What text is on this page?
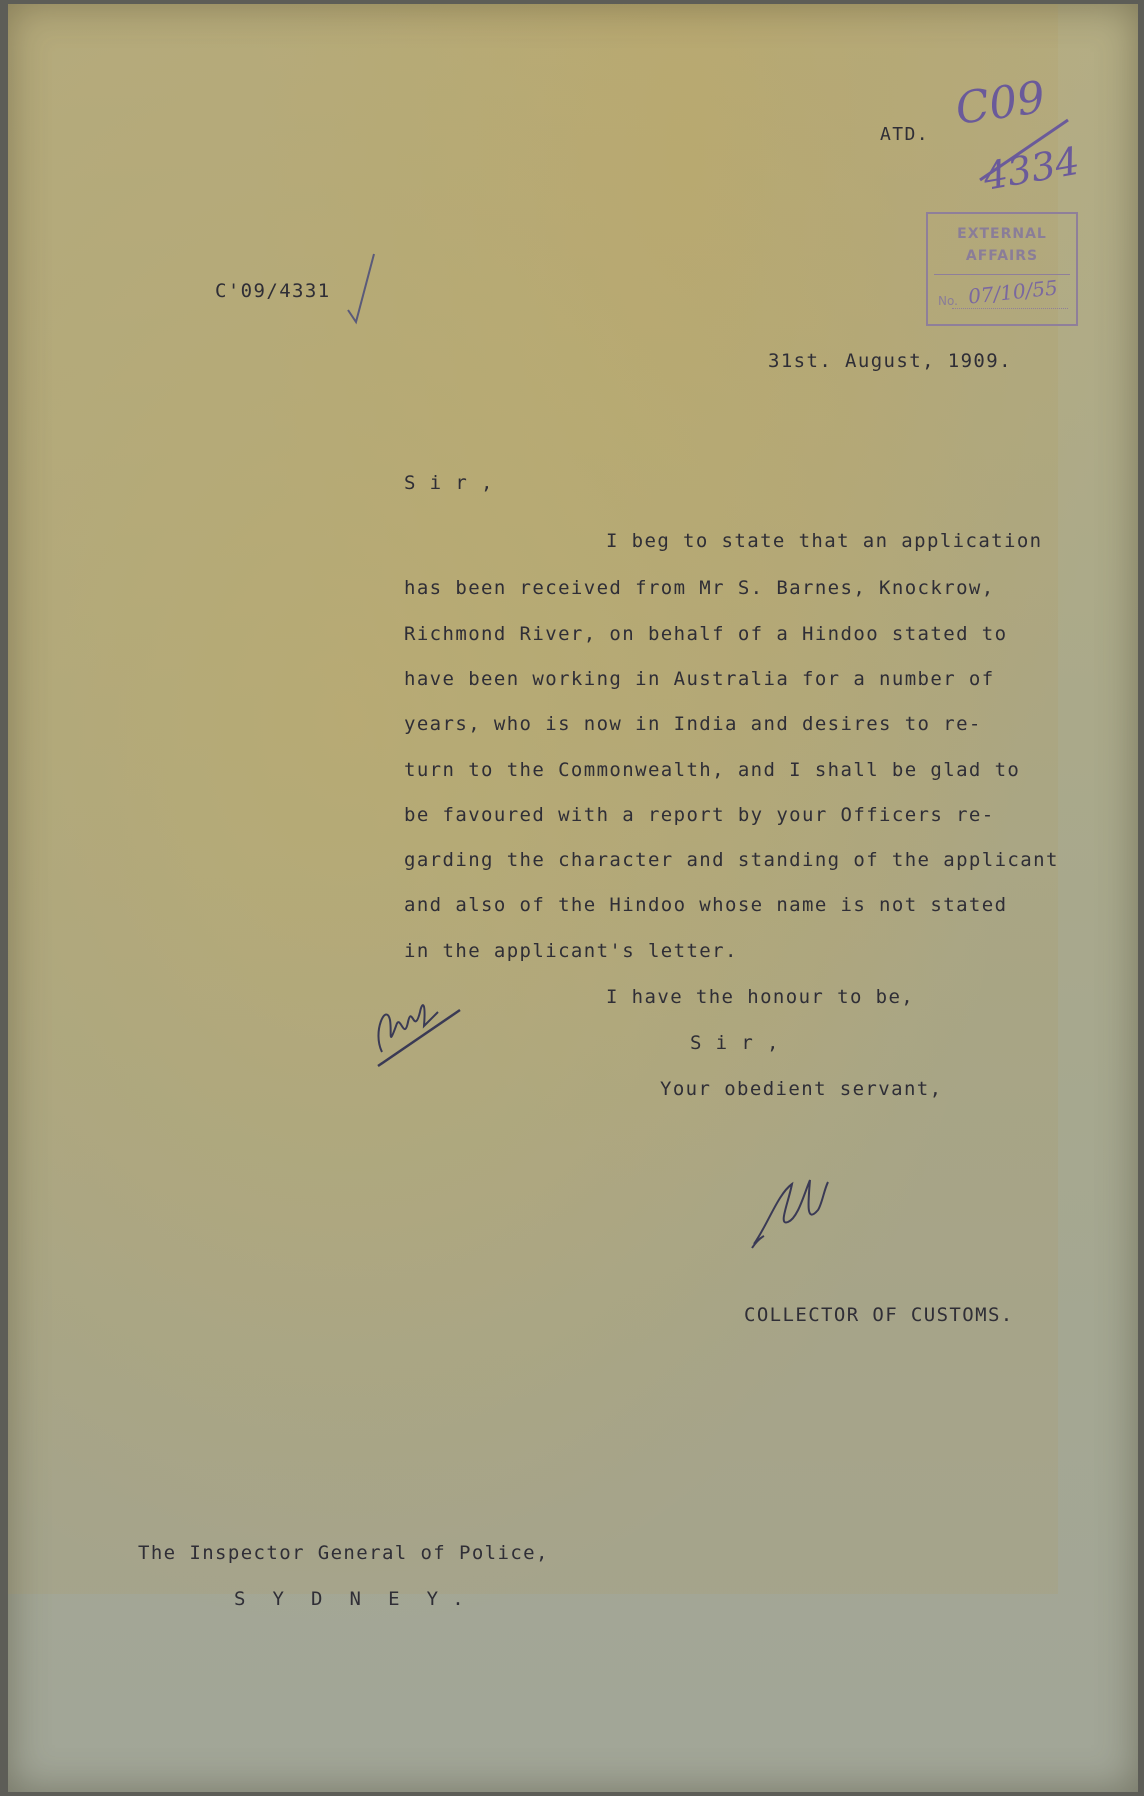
ATD. C09
4334
EXTERNAL
AFFAIRS
No. 07/10/55
C'09/4331
31st. August, 1909.
S i r ,
I beg to state that an application
has been received from Mr S. Barnes, Knockrow,
Richmond River, on behalf of a Hindoo stated to
have been working in Australia for a number of
years, who is now in India and desires to re-
turn to the Commonwealth, and I shall be glad to
be favoured with a report by your Officers re-
garding the character and standing of the applicant
and also of the Hindoo whose name is not stated
in the applicant's letter.
I have the honour to be,
S i r ,
Your obedient servant,
COLLECTOR OF CUSTOMS.
The Inspector General of Police,
S  Y  D  N  E  Y .
